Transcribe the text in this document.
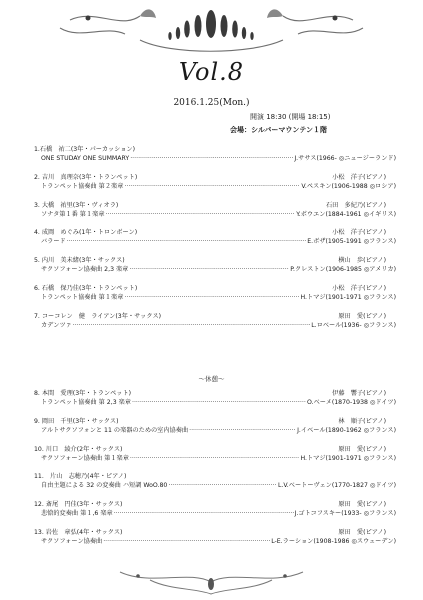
Vol.8
2016.1.25(Mon.)
開演 18:30 (開場 18:15)
会場：シルバーマウンテン１階
1.石橋　祐二(3年・パーカッション)
ONE STUDAY ONE SUMMARY ·····	J.ササス(1966- ◎ニュージーランド)
2. 吉川　真理奈(3年・トランペット)	小松　洋子(ピアノ)
トランペット協奏曲 第２楽章 ·····	V.ペスキン(1906-1988 ◎ロシア)
3. 大橋　祐里(3年・ヴィオラ)	石田　多紀乃(ピアノ)
ソナタ第１番 第１楽章 ·····	Y.ボウエン(1884-1961 ◎イギリス)
4. 成岡　めぐみ(1年・トロンボーン)	小松　洋子(ピアノ)
バラード ·····	E.ボザ(1905-1991 ◎フランス)
5. 内川　美未緒(3年・サックス)	横山　歩(ピアノ)
サクソフォーン協奏曲 2,3 楽章 ·····	P.クレストン(1906-1985 ◎アメリカ)
6. 石橋　保乃佳(3年・トランペット)	小松　洋子(ピアノ)
トランペット協奏曲 第１楽章 ·····	H.トマジ(1901-1971 ◎フランス)
7. コーコレン　健　ライアン(3年・サックス)	原田　愛(ピアノ)
カデンツァ ·····	L.ロベール(1936- ◎フランス)
〜休憩〜
8. 本間　愛理(3年・トランペット)	伊藤　響子(ピアノ)
トランペット協奏曲 第 2,3 楽章 ·····	O.ベーメ(1870-1938 ◎ドイツ)
9. 岡田　千里(3年・サックス)	林　順子(ピアノ)
アルトサクソフォンと 11 の楽器のための室内協奏曲 ·····	J.イベール(1890-1962 ◎フランス)
10. 川口　綾介(2年・サックス)	原田　愛(ピアノ)
サクソフォーン協奏曲 第１楽章 ·····	H.トマジ(1901-1971 ◎フランス)
11.　片山　志穂乃(4年・ピアノ)
自由主題による 32 の変奏曲 ハ短調 WoO.80 ·····	L.V.ベートーヴェン(1770-1827 ◎ドイツ)
12. 斎尾　円佳(3年・サックス)	原田　愛(ピアノ)
悲愴的変奏曲 第１,6 楽章 ·····	J.ゴトコフスキー(1933- ◎フランス)
13. 岩佐　章弘(4年・サックス)	原田　愛(ピアノ)
サクソフォーン協奏曲 ·····	L-E.ラーション(1908-1986 ◎スウェーデン)
